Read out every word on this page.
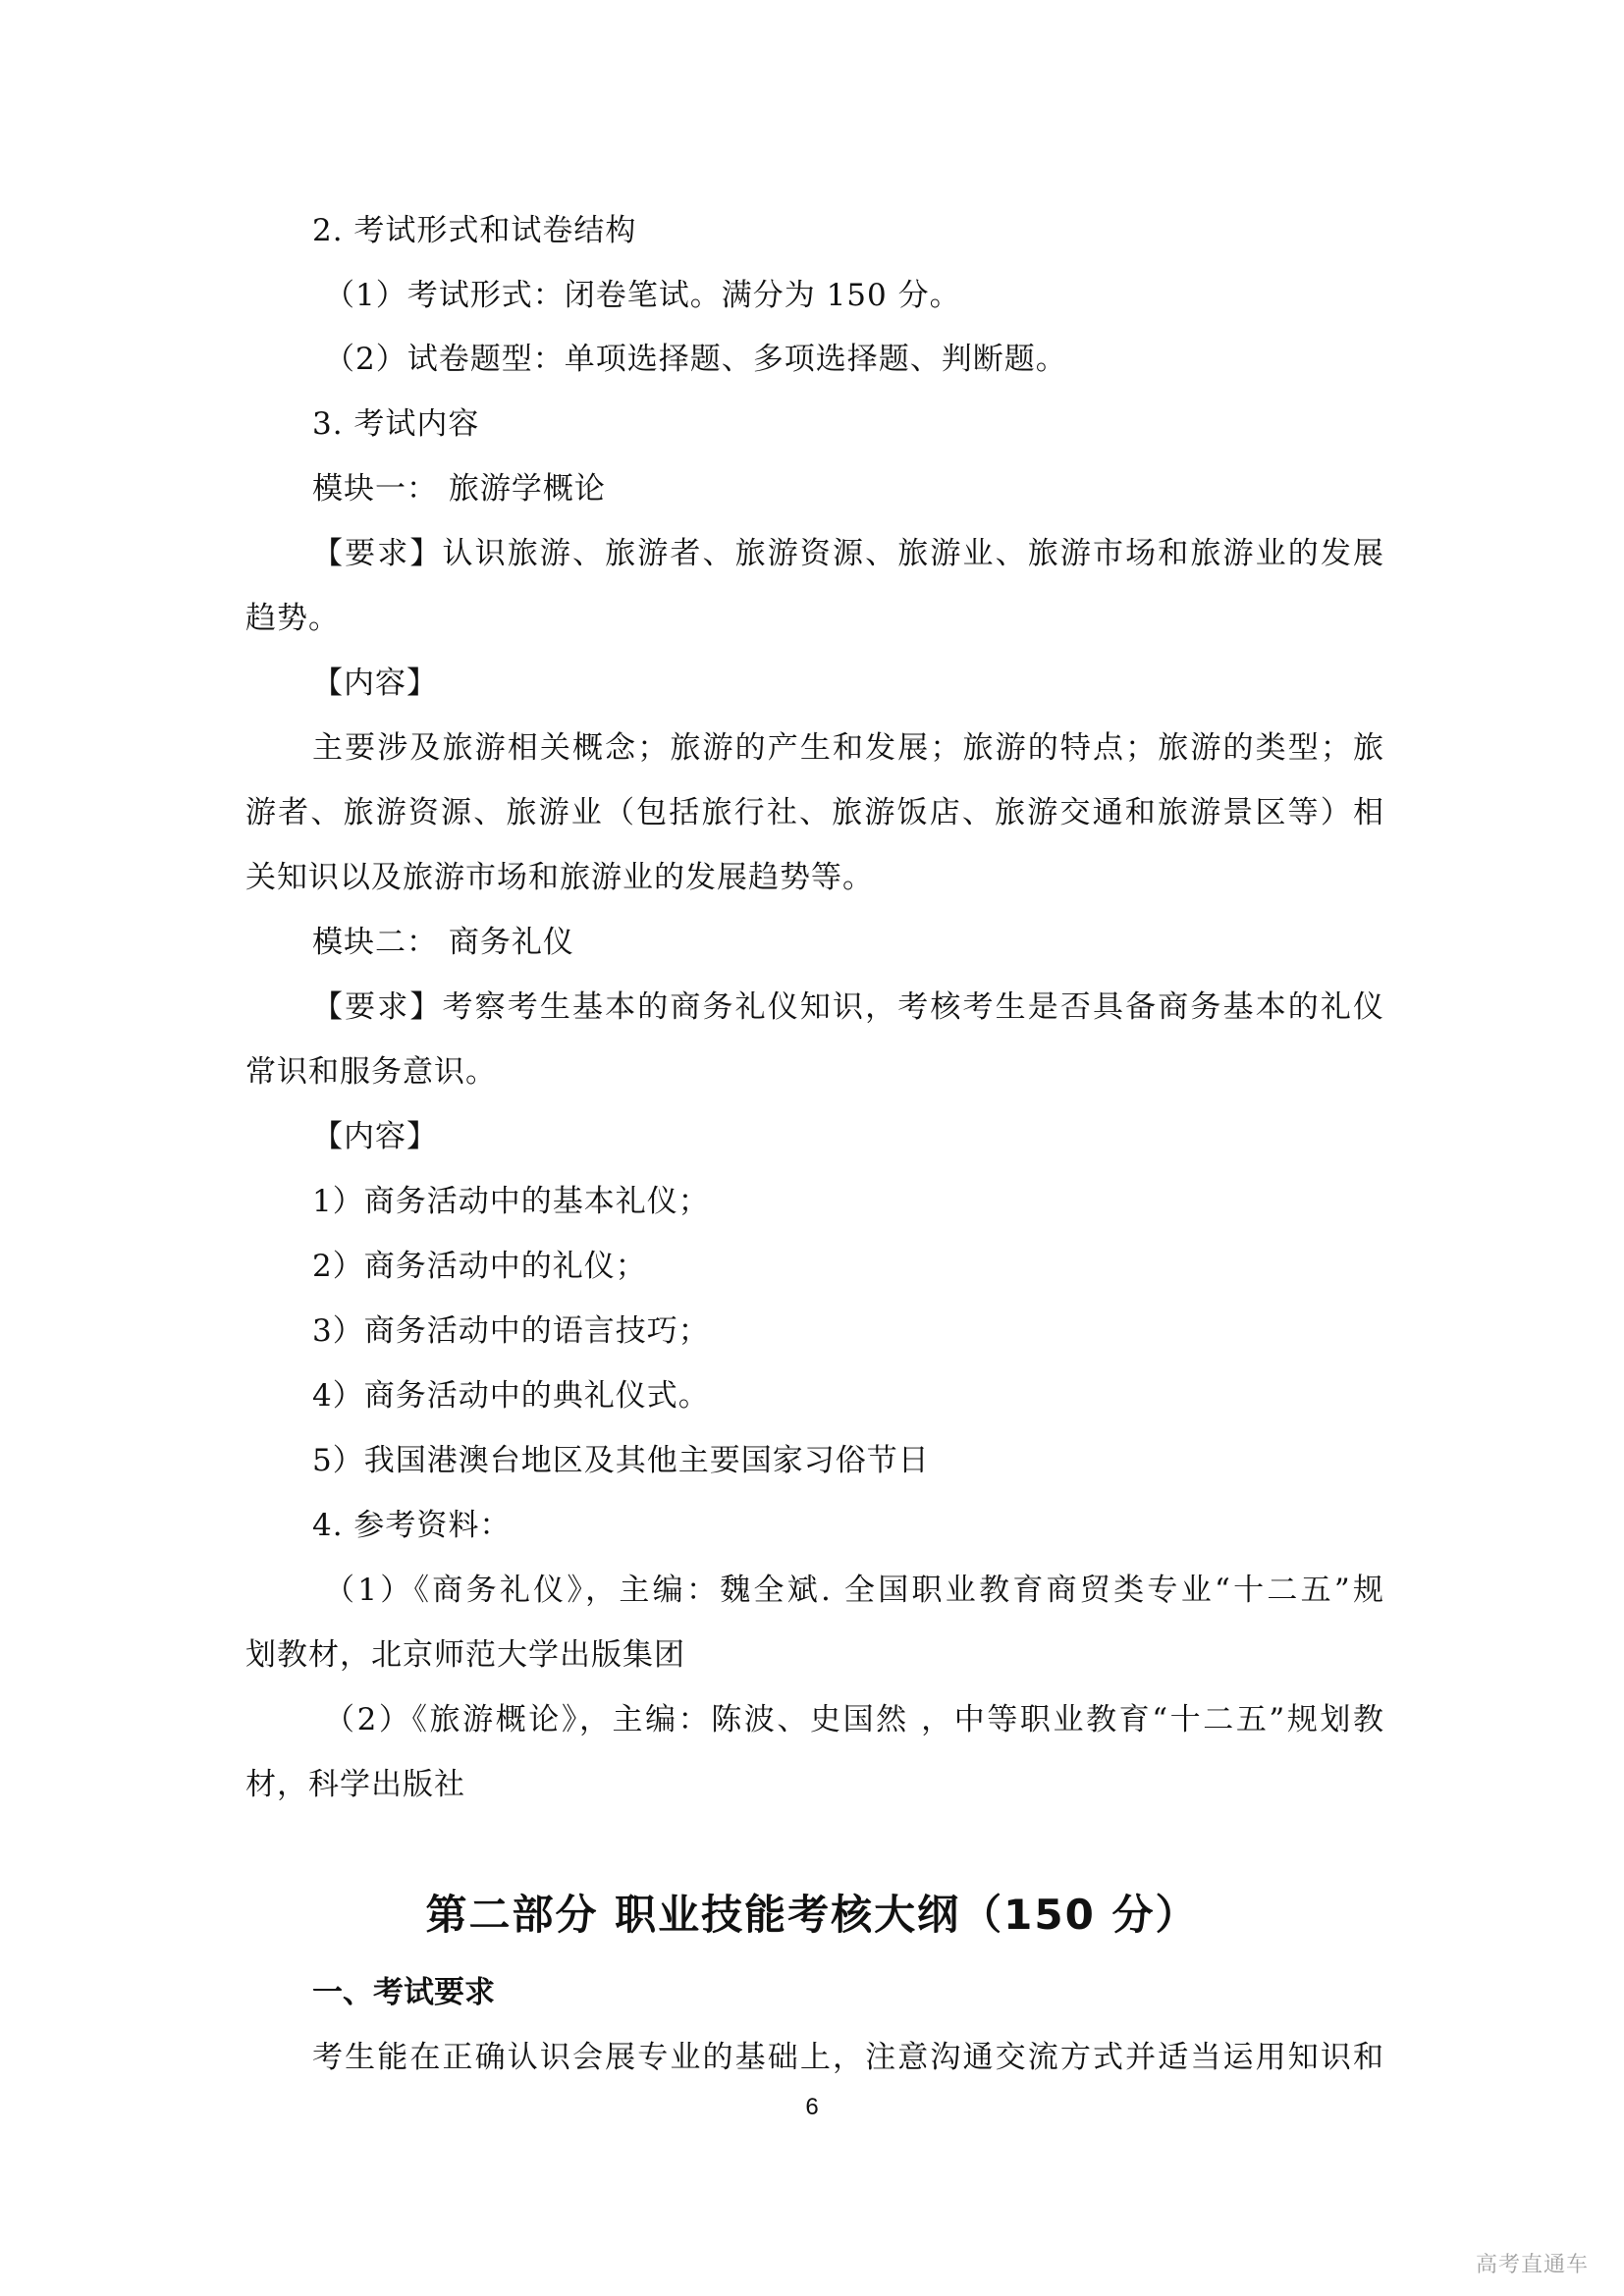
2. 考试形式和试卷结构
（1）考试形式：闭卷笔试。满分为 150 分。
（2）试卷题型：单项选择题、多项选择题、判断题。
3. 考试内容
模块一： 旅游学概论
【要求】认识旅游、旅游者、旅游资源、旅游业、旅游市场和旅游业的发展
趋势。
【内容】
主要涉及旅游相关概念；旅游的产生和发展；旅游的特点；旅游的类型；旅
游者、旅游资源、旅游业（包括旅行社、旅游饭店、旅游交通和旅游景区等）相
关知识以及旅游市场和旅游业的发展趋势等。
模块二： 商务礼仪
【要求】考察考生基本的商务礼仪知识，考核考生是否具备商务基本的礼仪
常识和服务意识。
【内容】
1）商务活动中的基本礼仪；
2）商务活动中的礼仪；
3）商务活动中的语言技巧；
4）商务活动中的典礼仪式。
5）我国港澳台地区及其他主要国家习俗节日
4. 参考资料：
（1）《商务礼仪》，主编：魏全斌. 全国职业教育商贸类专业“十二五”规
划教材，北京师范大学出版集团
（2）《旅游概论》，主编：陈波、史国然 ，中等职业教育“十二五”规划教
材，科学出版社
第二部分 职业技能考核大纲（150 分）
一、考试要求
考生能在正确认识会展专业的基础上，注意沟通交流方式并适当运用知识和
6
高考直通车
